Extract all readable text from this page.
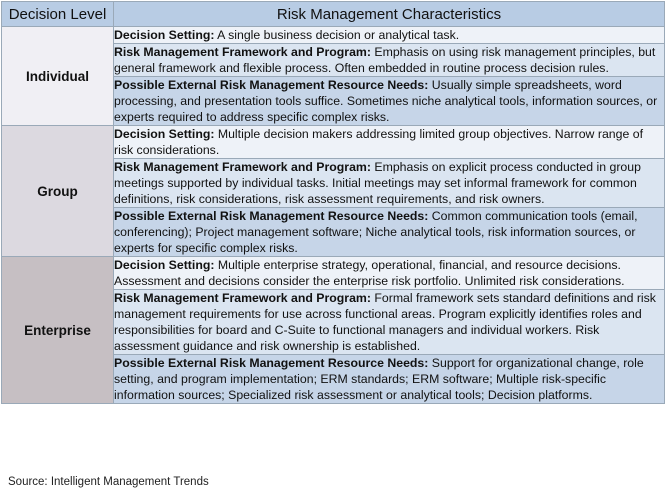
Decision Level	Risk Management Characteristics
Individual	Decision Setting: A single business decision or analytical task.
	Risk Management Framework and Program: Emphasis on using risk management principles, but general framework and flexible process. Often embedded in routine process decision rules.
	Possible External Risk Management Resource Needs: Usually simple spreadsheets, word processing, and presentation tools suffice. Sometimes niche analytical tools, information sources, or experts required to address specific complex risks.
Group	Decision Setting: Multiple decision makers addressing limited group objectives. Narrow range of risk considerations.
	Risk Management Framework and Program: Emphasis on explicit process conducted in group meetings supported by individual tasks. Initial meetings may set informal framework for common definitions, risk considerations, risk assessment requirements, and risk owners.
	Possible External Risk Management Resource Needs: Common communication tools (email, conferencing); Project management software; Niche analytical tools, risk information sources, or experts for specific complex risks.
Enterprise	Decision Setting: Multiple enterprise strategy, operational, financial, and resource decisions. Assessment and decisions consider the enterprise risk portfolio. Unlimited risk considerations.
	Risk Management Framework and Program: Formal framework sets standard definitions and risk management requirements for use across functional areas. Program explicitly identifies roles and responsibilities for board and C-Suite to functional managers and individual workers. Risk assessment guidance and risk ownership is established.
	Possible External Risk Management Resource Needs: Support for organizational change, role setting, and program implementation; ERM standards; ERM software; Multiple risk-specific information sources; Specialized risk assessment or analytical tools; Decision platforms.
Source: Intelligent Management Trends
